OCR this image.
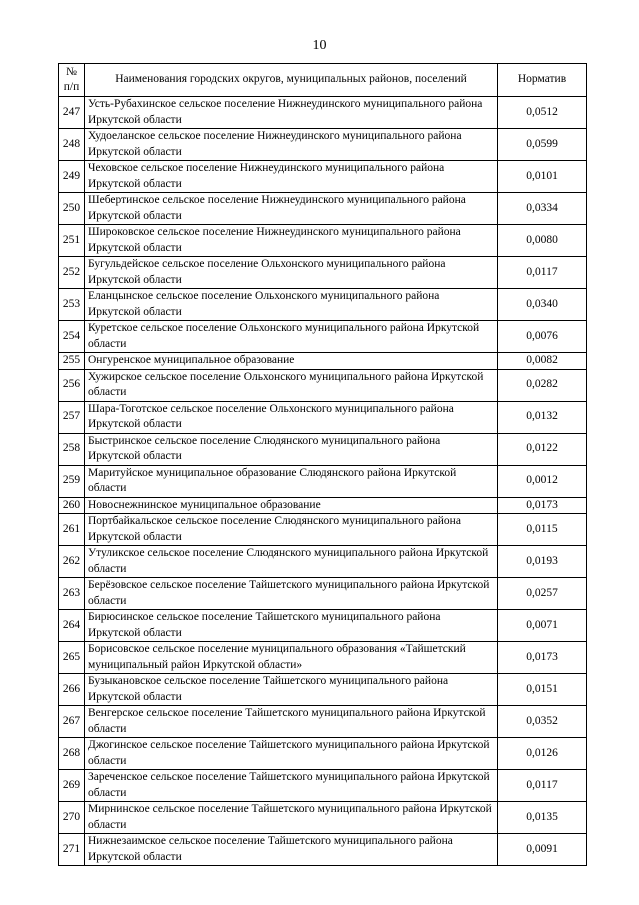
10
№ п/п	Наименования городских округов, муниципальных районов, поселений	Норматив
247	Усть-Рубахинское сельское поселение Нижнеудинского муниципального района Иркутской области	0,0512
248	Худоеланское сельское поселение Нижнеудинского муниципального района Иркутской области	0,0599
249	Чеховское сельское поселение Нижнеудинского муниципального района Иркутской области	0,0101
250	Шебертинское сельское поселение Нижнеудинского муниципального района Иркутской области	0,0334
251	Широковское сельское поселение Нижнеудинского муниципального района Иркутской области	0,0080
252	Бугульдейское сельское поселение Ольхонского муниципального района Иркутской области	0,0117
253	Еланцынское сельское поселение Ольхонского муниципального района Иркутской области	0,0340
254	Куретское сельское поселение Ольхонского муниципального района Иркутской области	0,0076
255	Онгуренское муниципальное образование	0,0082
256	Хужирское сельское поселение Ольхонского муниципального района Иркутской области	0,0282
257	Шара-Тоготское сельское поселение Ольхонского муниципального района Иркутской области	0,0132
258	Быстринское сельское поселение Слюдянского муниципального района Иркутской области	0,0122
259	Маритуйское муниципальное образование Слюдянского района Иркутской области	0,0012
260	Новоснежнинское муниципальное образование	0,0173
261	Портбайкальское сельское поселение Слюдянского муниципального района Иркутской области	0,0115
262	Утуликское сельское поселение Слюдянского муниципального района Иркутской области	0,0193
263	Берёзовское сельское поселение Тайшетского муниципального района Иркутской области	0,0257
264	Бирюсинское сельское поселение Тайшетского муниципального района Иркутской области	0,0071
265	Борисовское сельское поселение муниципального образования «Тайшетский муниципальный район Иркутской области»	0,0173
266	Бузыкановское сельское поселение Тайшетского муниципального района Иркутской области	0,0151
267	Венгерское сельское поселение Тайшетского муниципального района Иркутской области	0,0352
268	Джогинское сельское поселение Тайшетского муниципального района Иркутской области	0,0126
269	Зареченское сельское поселение Тайшетского муниципального района Иркутской области	0,0117
270	Мирнинское сельское поселение Тайшетского муниципального района Иркутской области	0,0135
271	Нижнезаимское сельское поселение Тайшетского муниципального района Иркутской области	0,0091
